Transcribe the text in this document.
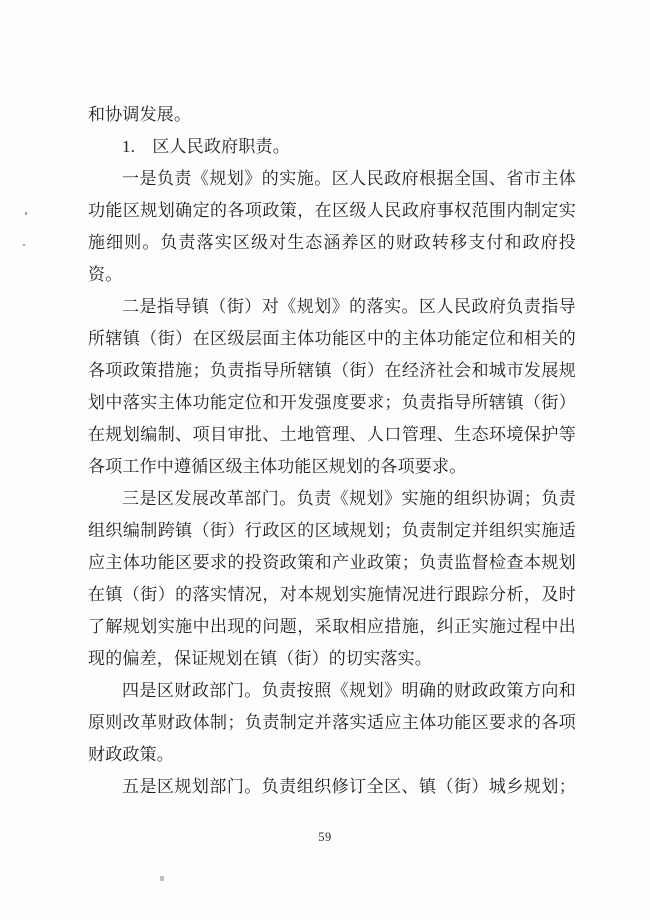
和协调发展。
1.　区人民政府职责。
一是负责《规划》的实施。区人民政府根据全国、省市主体
功能区规划确定的各项政策，在区级人民政府事权范围内制定实
施细则。负责落实区级对生态涵养区的财政转移支付和政府投
资。
二是指导镇（街）对《规划》的落实。区人民政府负责指导
所辖镇（街）在区级层面主体功能区中的主体功能定位和相关的
各项政策措施；负责指导所辖镇（街）在经济社会和城市发展规
划中落实主体功能定位和开发强度要求；负责指导所辖镇（街）
在规划编制、项目审批、土地管理、人口管理、生态环境保护等
各项工作中遵循区级主体功能区规划的各项要求。
三是区发展改革部门。负责《规划》实施的组织协调；负责
组织编制跨镇（街）行政区的区域规划；负责制定并组织实施适
应主体功能区要求的投资政策和产业政策；负责监督检查本规划
在镇（街）的落实情况，对本规划实施情况进行跟踪分析，及时
了解规划实施中出现的问题，采取相应措施，纠正实施过程中出
现的偏差，保证规划在镇（街）的切实落实。
四是区财政部门。负责按照《规划》明确的财政政策方向和
原则改革财政体制；负责制定并落实适应主体功能区要求的各项
财政政策。
五是区规划部门。负责组织修订全区、镇（街）城乡规划；
59
